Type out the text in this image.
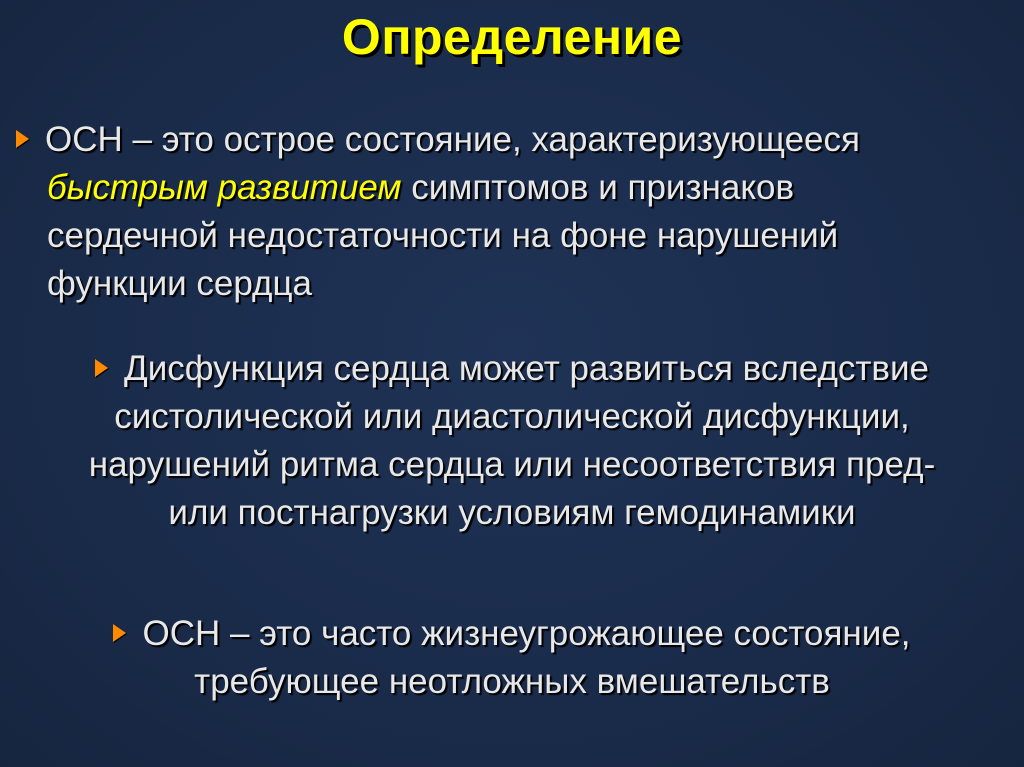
Определение
ОСН – это острое состояние, характеризующееся
быстрым развитием симптомов и признаков
сердечной недостаточности на фоне нарушений
функции сердца
Дисфункция сердца может развиться вследствие
систолической или диастолической дисфункции,
нарушений ритма сердца или несоответствия пред-
или постнагрузки условиям гемодинамики
ОСН – это часто жизнеугрожающее состояние,
требующее неотложных вмешательств
